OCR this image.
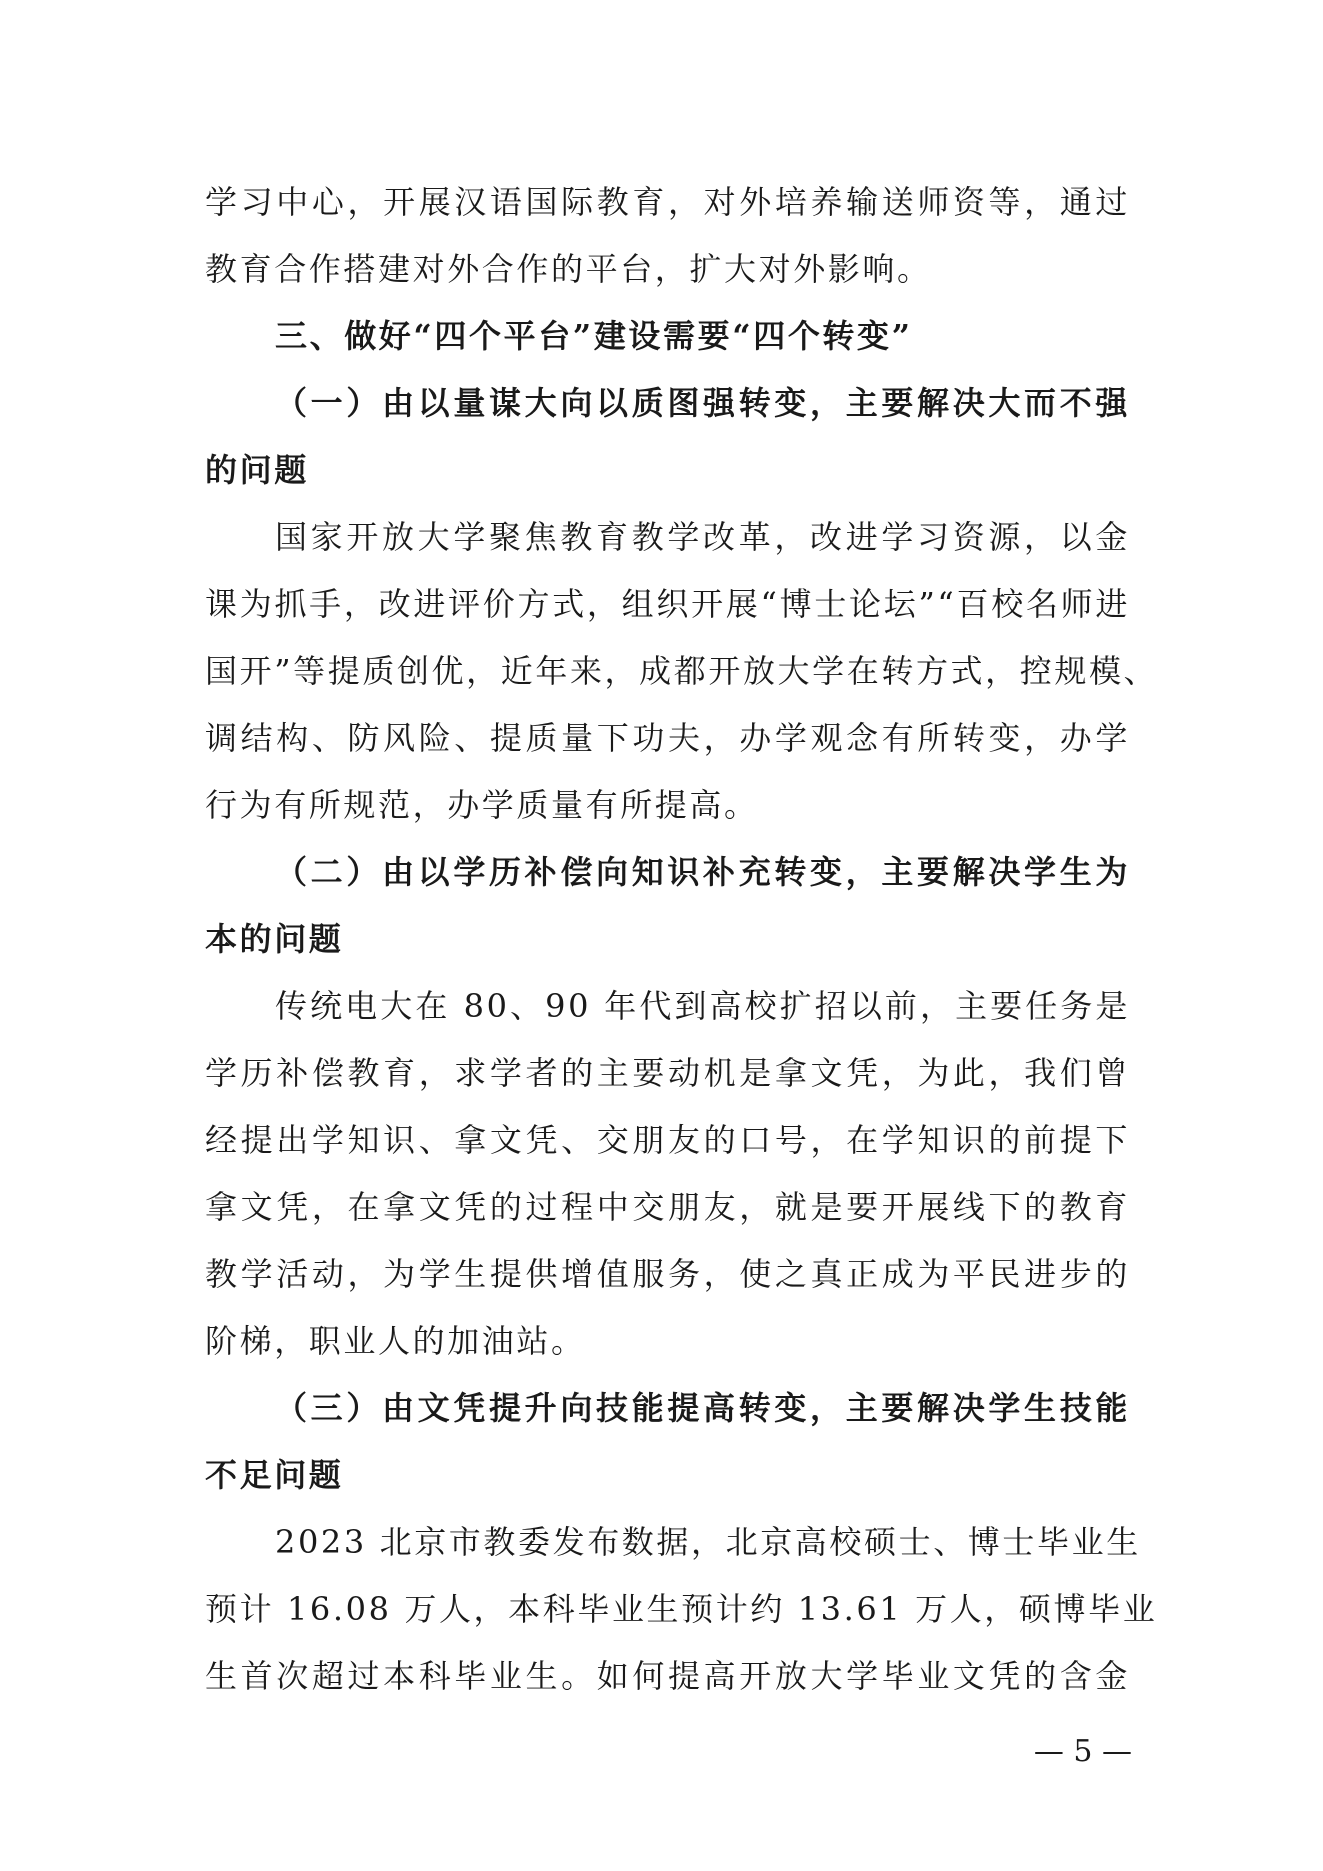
学习中心，开展汉语国际教育，对外培养输送师资等，通过
教育合作搭建对外合作的平台，扩大对外影响。
三、做好“四个平台”建设需要“四个转变”
（一）由以量谋大向以质图强转变，主要解决大而不强
的问题
国家开放大学聚焦教育教学改革，改进学习资源，以金
课为抓手，改进评价方式，组织开展“博士论坛”“百校名师进
国开”等提质创优，近年来，成都开放大学在转方式，控规模、
调结构、防风险、提质量下功夫，办学观念有所转变，办学
行为有所规范，办学质量有所提高。
（二）由以学历补偿向知识补充转变，主要解决学生为
本的问题
传统电大在 80、90 年代到高校扩招以前，主要任务是
学历补偿教育，求学者的主要动机是拿文凭，为此，我们曾
经提出学知识、拿文凭、交朋友的口号，在学知识的前提下
拿文凭，在拿文凭的过程中交朋友，就是要开展线下的教育
教学活动，为学生提供增值服务，使之真正成为平民进步的
阶梯，职业人的加油站。
（三）由文凭提升向技能提高转变，主要解决学生技能
不足问题
2023 北京市教委发布数据，北京高校硕士、博士毕业生
预计 16.08 万人，本科毕业生预计约 13.61 万人，硕博毕业
生首次超过本科毕业生。如何提高开放大学毕业文凭的含金
— 5 —
